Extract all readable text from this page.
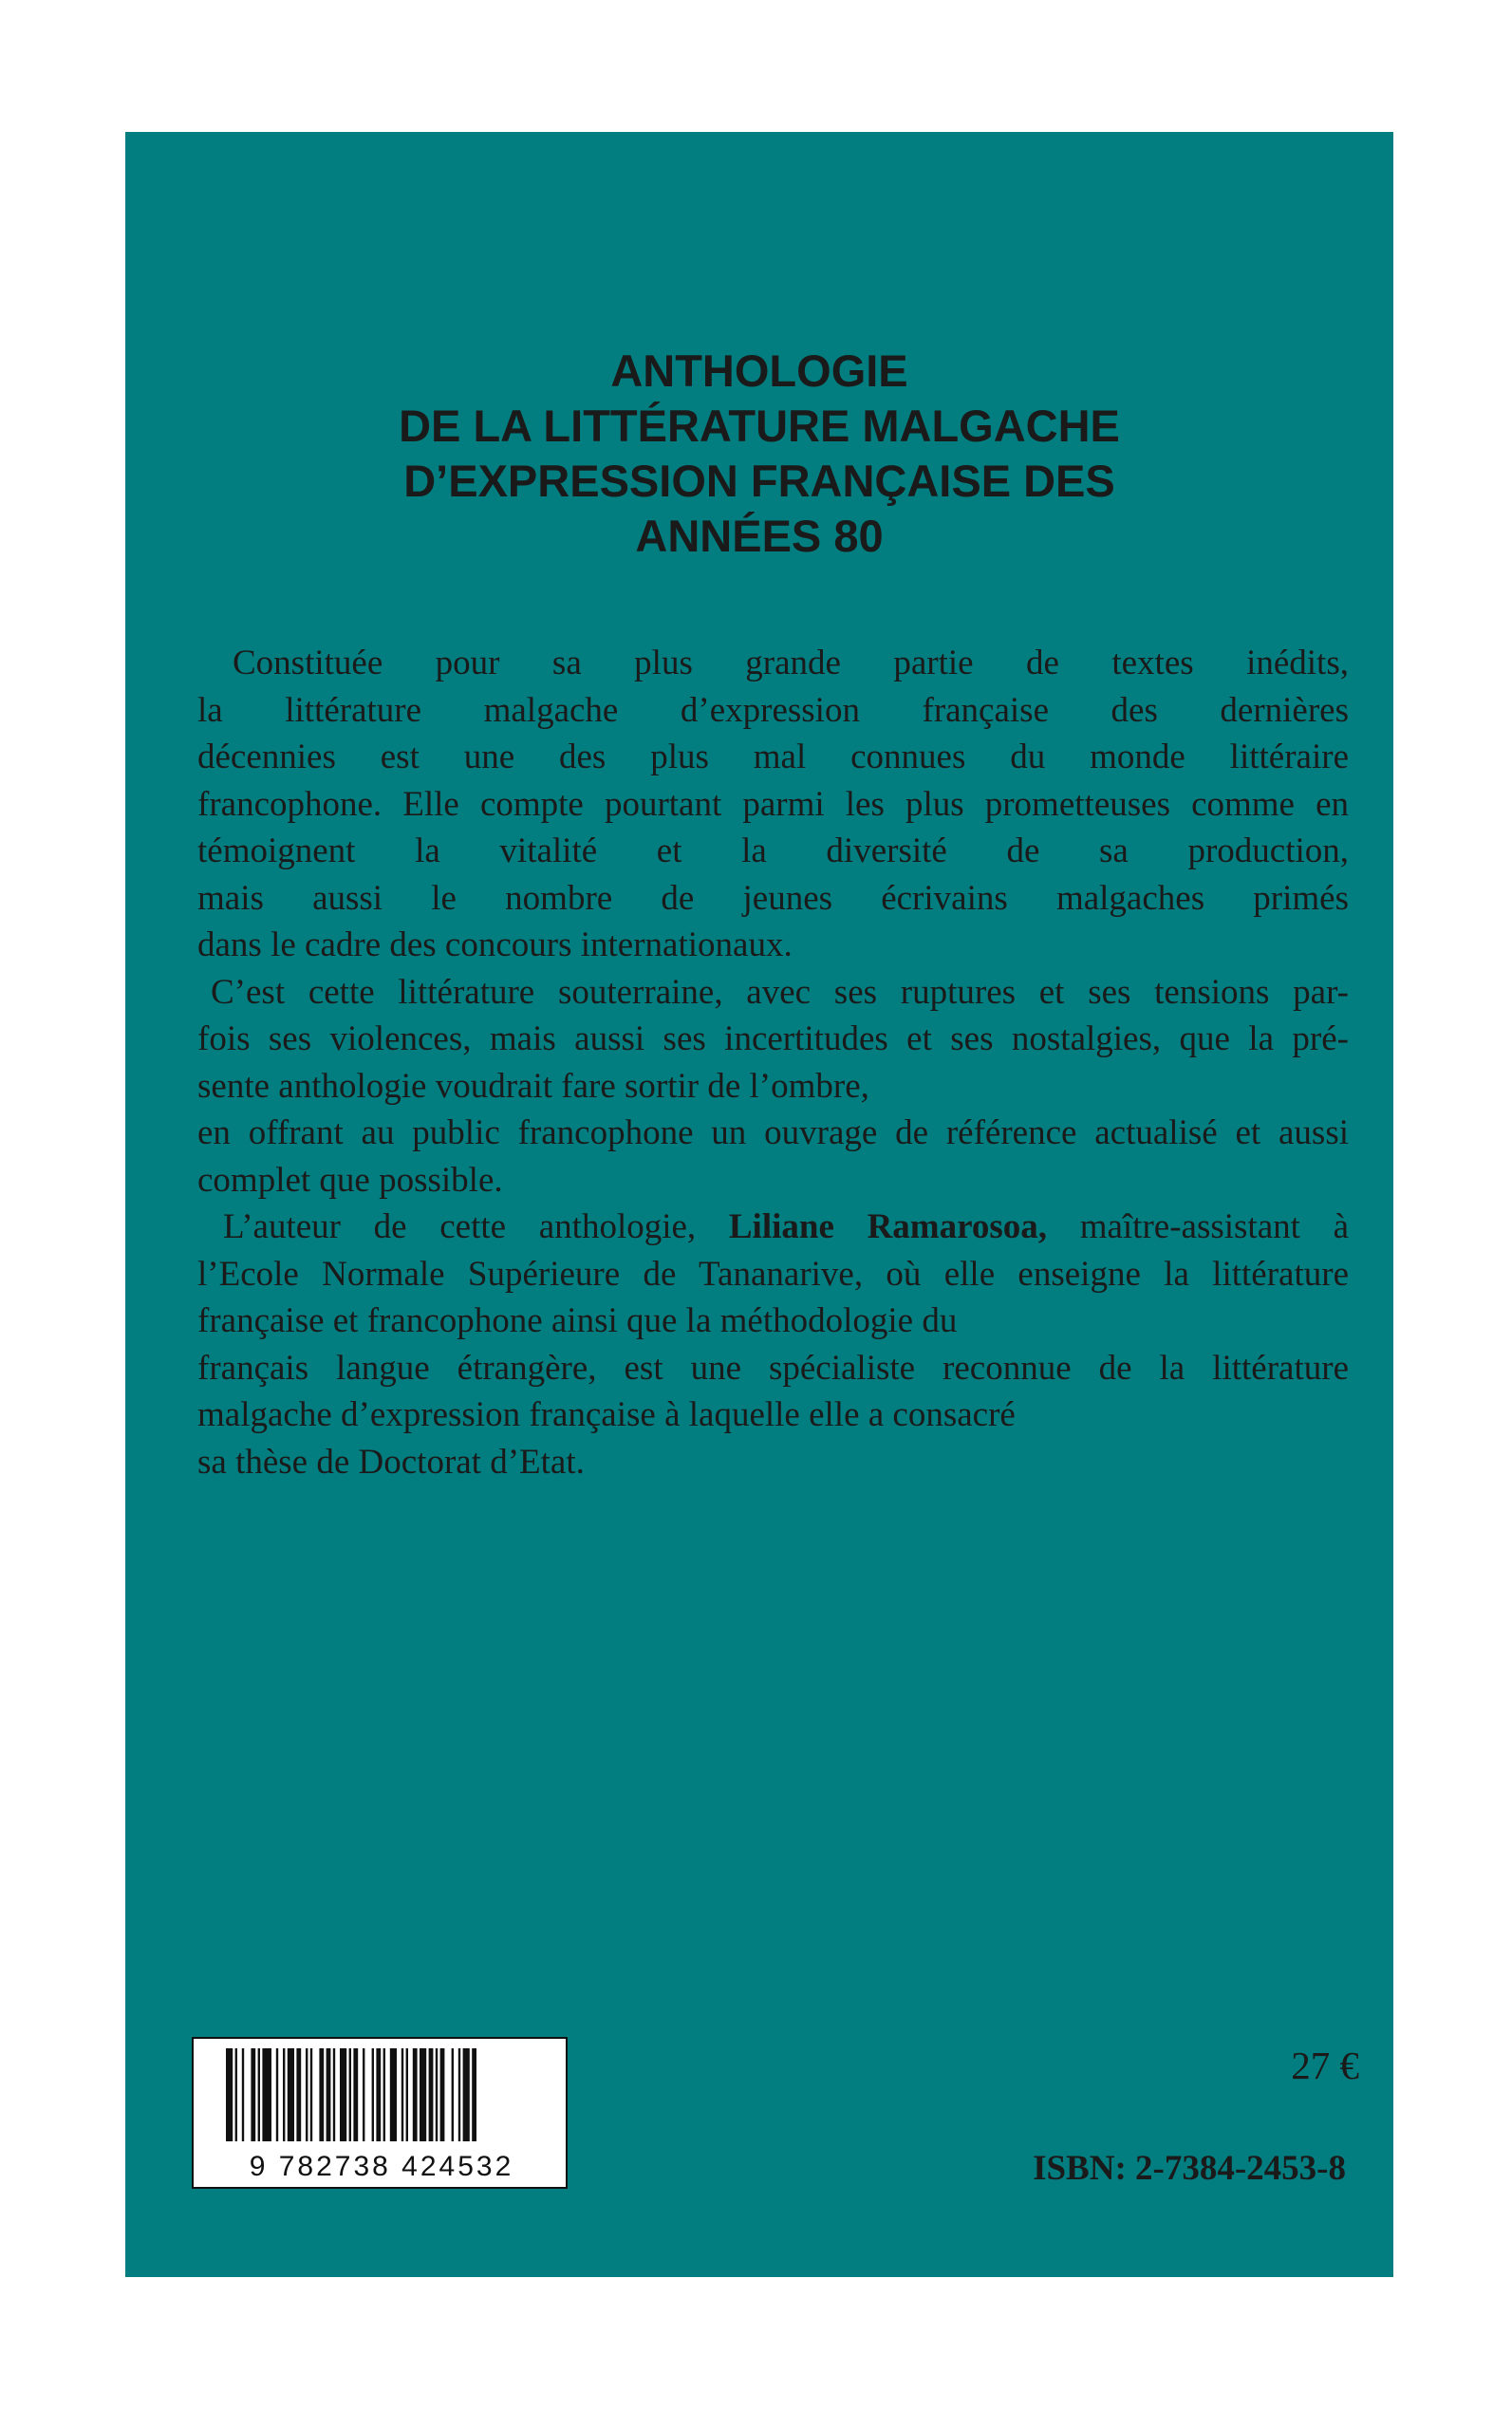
ANTHOLOGIE
DE LA LITTÉRATURE MALGACHE
D’EXPRESSION FRANÇAISE DES
ANNÉES 80
Constituée pour sa plus grande partie de textes inédits,
la littérature malgache d’expression française des dernières
décennies est une des plus mal connues du monde littéraire
francophone. Elle compte pourtant parmi les plus prometteuses comme en
témoignent la vitalité et la diversité de sa production,
mais aussi le nombre de jeunes écrivains malgaches primés
dans le cadre des concours internationaux.
C’est cette littérature souterraine, avec ses ruptures et ses tensions par-
fois ses violences, mais aussi ses incertitudes et ses nostalgies, que la pré-
sente anthologie voudrait fare sortir de l’ombre,
en offrant au public francophone un ouvrage de référence actualisé et aussi
complet que possible.
L’auteur de cette anthologie, Liliane Ramarosoa, maître-assistant à
l’Ecole Normale Supérieure de Tananarive, où elle enseigne la littérature
française et francophone ainsi que la méthodologie du
français langue étrangère, est une spécialiste reconnue de la littérature
malgache d’expression française à laquelle elle a consacré
sa thèse de Doctorat d’Etat.
9 782738 424532
27 €
ISBN: 2-7384-2453-8
